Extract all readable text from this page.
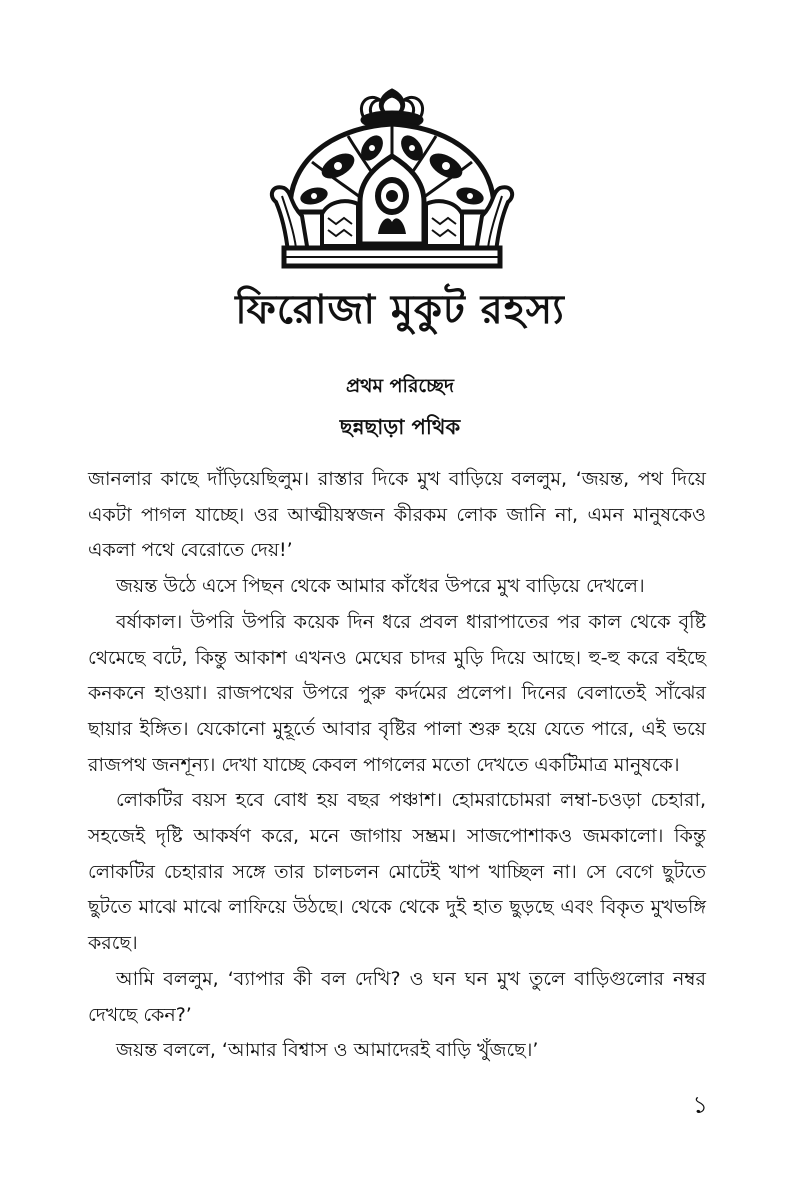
ফিরোজা মুকুট রহস্য
প্রথম পরিচ্ছেদ
ছন্নছাড়া পথিক

জানলার কাছে দাঁড়িয়েছিলুম। রাস্তার দিকে মুখ বাড়িয়ে বললুম, ‘জয়ন্ত, পথ দিয়ে একটা পাগল যাচ্ছে। ওর আত্মীয়স্বজন কীরকম লোক জানি না, এমন মানুষকেও একলা পথে বেরোতে দেয়!’

জয়ন্ত উঠে এসে পিছন থেকে আমার কাঁধের উপরে মুখ বাড়িয়ে দেখলে।

বর্ষাকাল। উপরি উপরি কয়েক দিন ধরে প্রবল ধারাপাতের পর কাল থেকে বৃষ্টি থেমেছে বটে, কিন্তু আকাশ এখনও মেঘের চাদর মুড়ি দিয়ে আছে। হু-হু করে বইছে কনকনে হাওয়া। রাজপথের উপরে পুরু কর্দমের প্রলেপ। দিনের বেলাতেই সাঁঝের ছায়ার ইঙ্গিত। যেকোনো মুহূর্তে আবার বৃষ্টির পালা শুরু হয়ে যেতে পারে, এই ভয়ে রাজপথ জনশূন্য। দেখা যাচ্ছে কেবল পাগলের মতো দেখতে একটিমাত্র মানুষকে।

লোকটির বয়স হবে বোধ হয় বছর পঞ্চাশ। হোমরাচোমরা লম্বা-চওড়া চেহারা, সহজেই দৃষ্টি আকর্ষণ করে, মনে জাগায় সম্ভ্রম। সাজপোশাকও জমকালো। কিন্তু লোকটির চেহারার সঙ্গে তার চালচলন মোটেই খাপ খাচ্ছিল না। সে বেগে ছুটতে ছুটতে মাঝে মাঝে লাফিয়ে উঠছে। থেকে থেকে দুই হাত ছুড়ছে এবং বিকৃত মুখভঙ্গি করছে।

আমি বললুম, ‘ব্যাপার কী বল দেখি? ও ঘন ঘন মুখ তুলে বাড়িগুলোর নম্বর দেখছে কেন?’

জয়ন্ত বললে, ‘আমার বিশ্বাস ও আমাদেরই বাড়ি খুঁজছে।’

১
